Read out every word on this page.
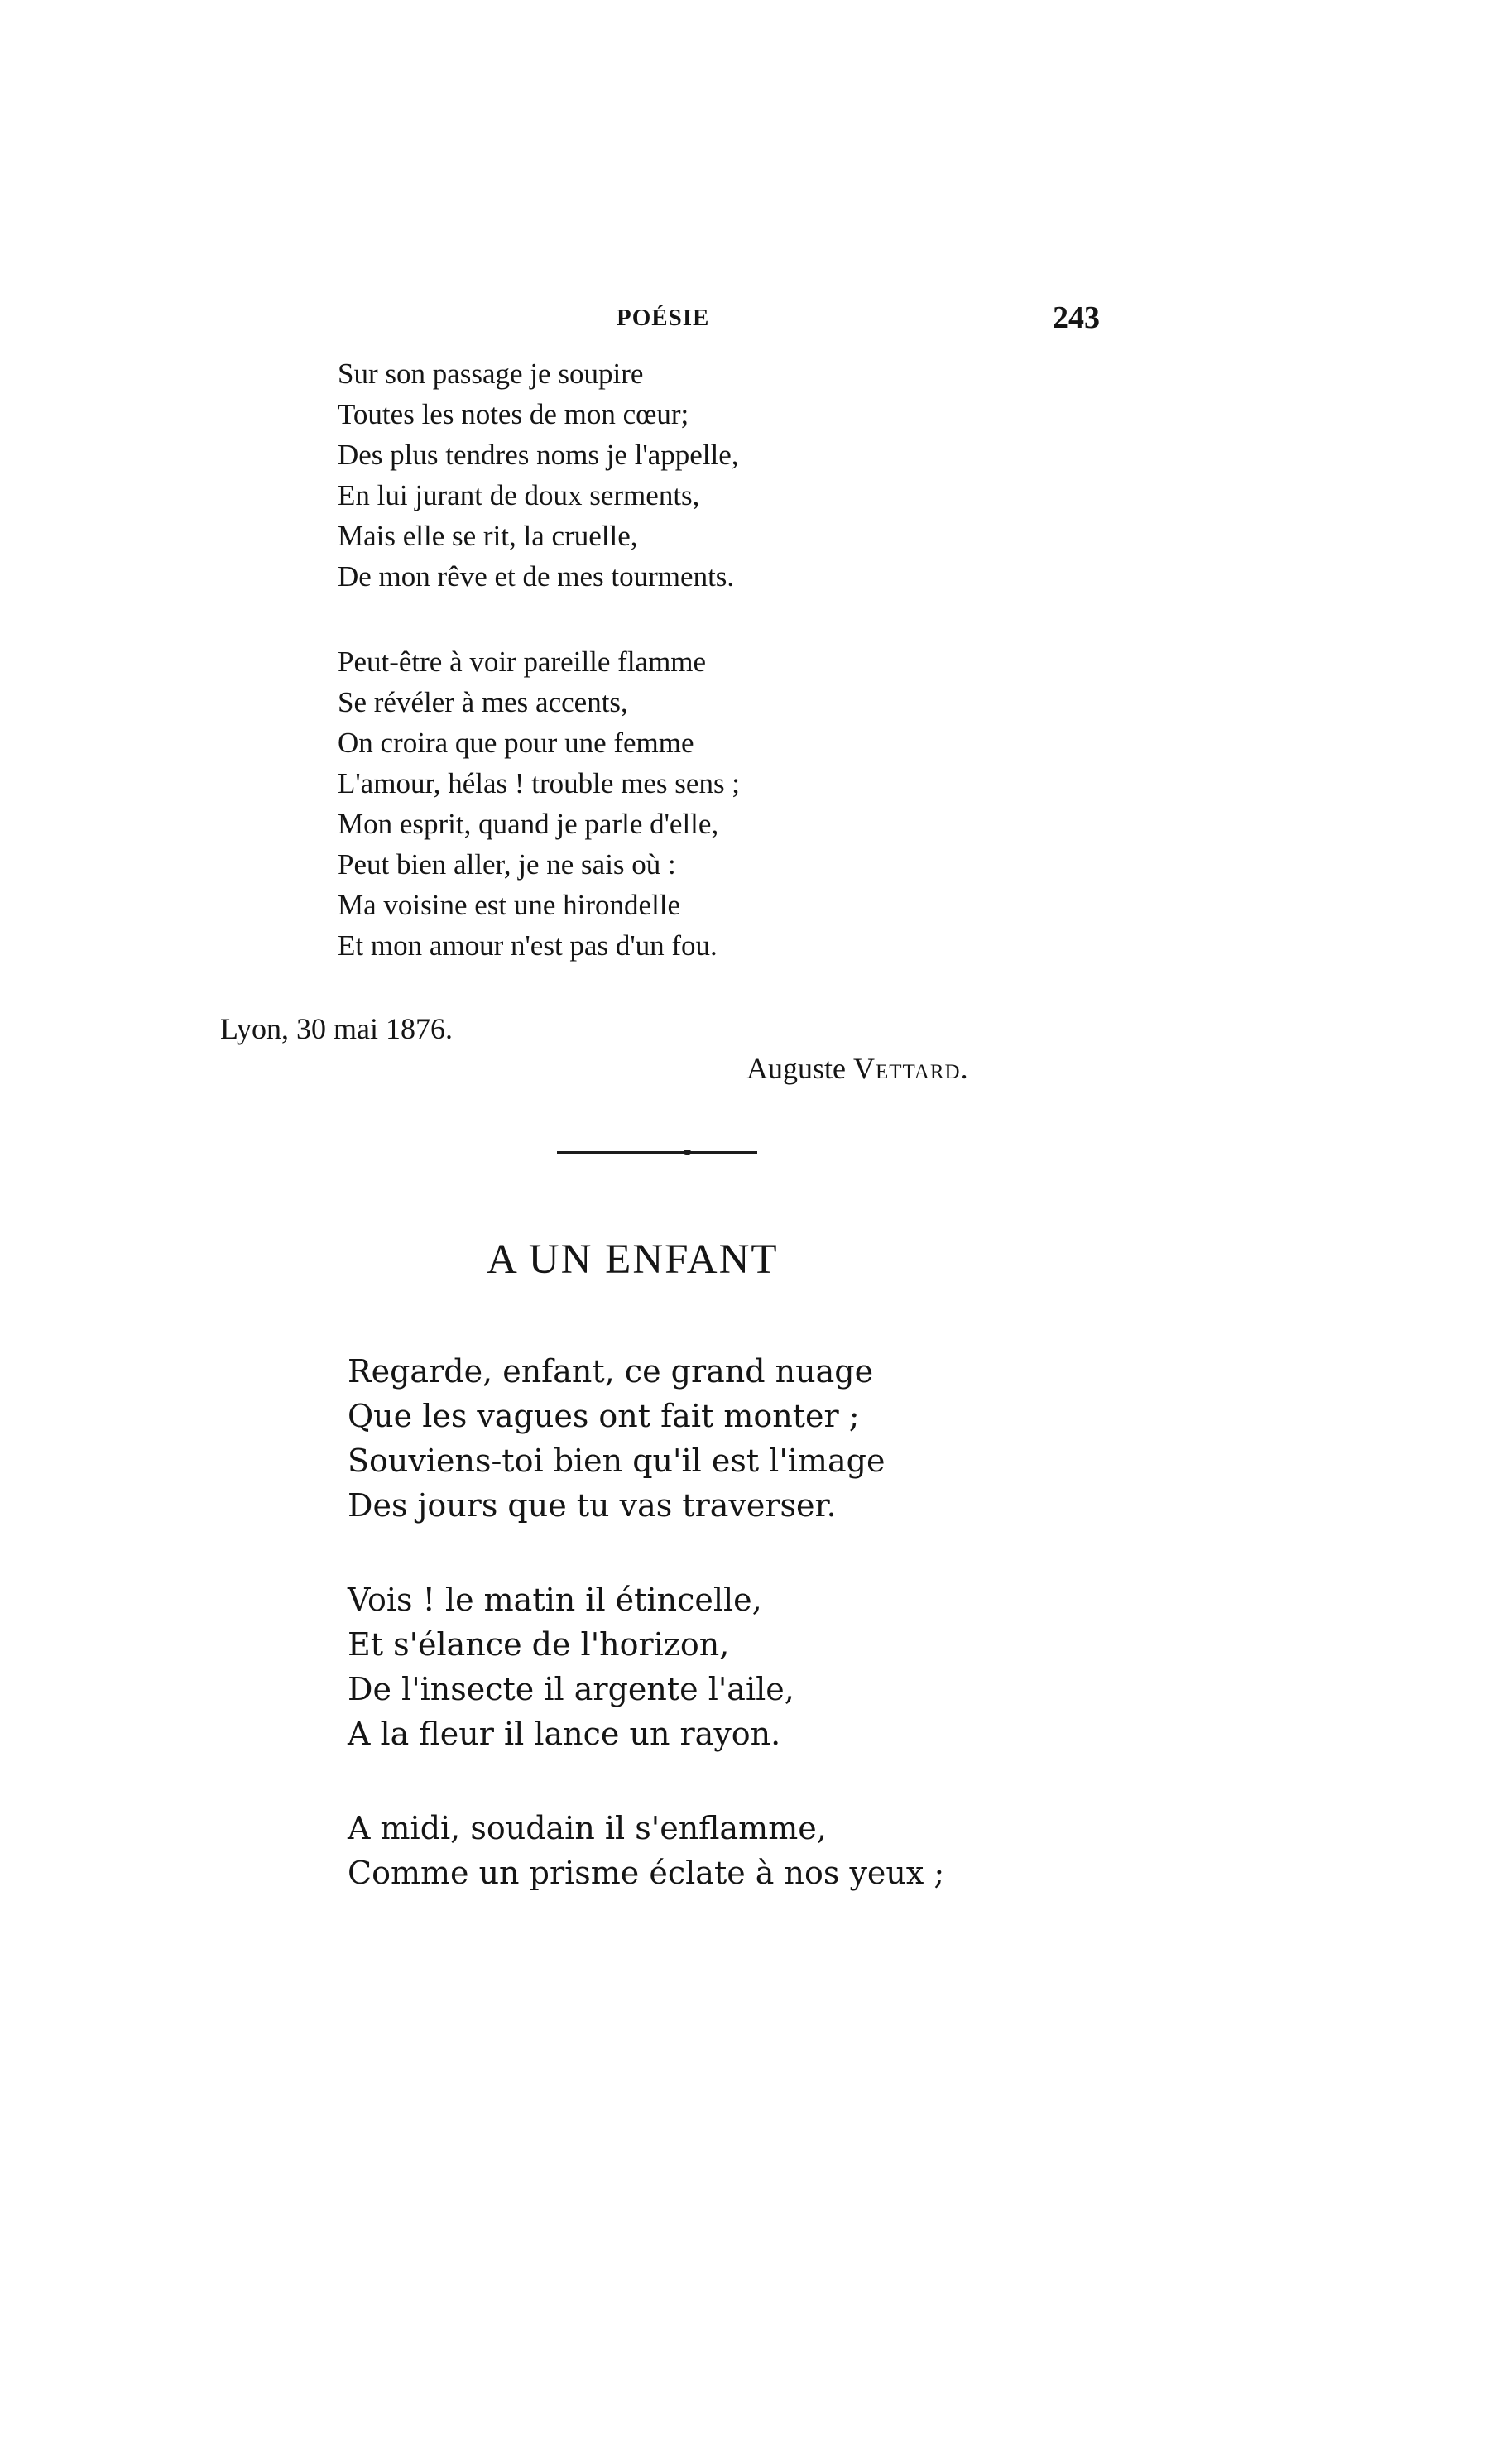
POÉSIE	243
Sur son passage je soupire
Toutes les notes de mon cœur;
Des plus tendres noms je l'appelle,
En lui jurant de doux serments,
Mais elle se rit, la cruelle,
De mon rêve et de mes tourments.
Peut-être à voir pareille flamme
Se révéler à mes accents,
On croira que pour une femme
L'amour, hélas ! trouble mes sens ;
Mon esprit, quand je parle d'elle,
Peut bien aller, je ne sais où :
Ma voisine est une hirondelle
Et mon amour n'est pas d'un fou.
Lyon, 30 mai 1876.
Auguste Vettard.
A UN ENFANT
Regarde, enfant, ce grand nuage
Que les vagues ont fait monter ;
Souviens-toi bien qu'il est l'image
Des jours que tu vas traverser.
Vois ! le matin il étincelle,
Et s'élance de l'horizon,
De l'insecte il argente l'aile,
A la fleur il lance un rayon.
A midi, soudain il s'enflamme,
Comme un prisme éclate à nos yeux ;
